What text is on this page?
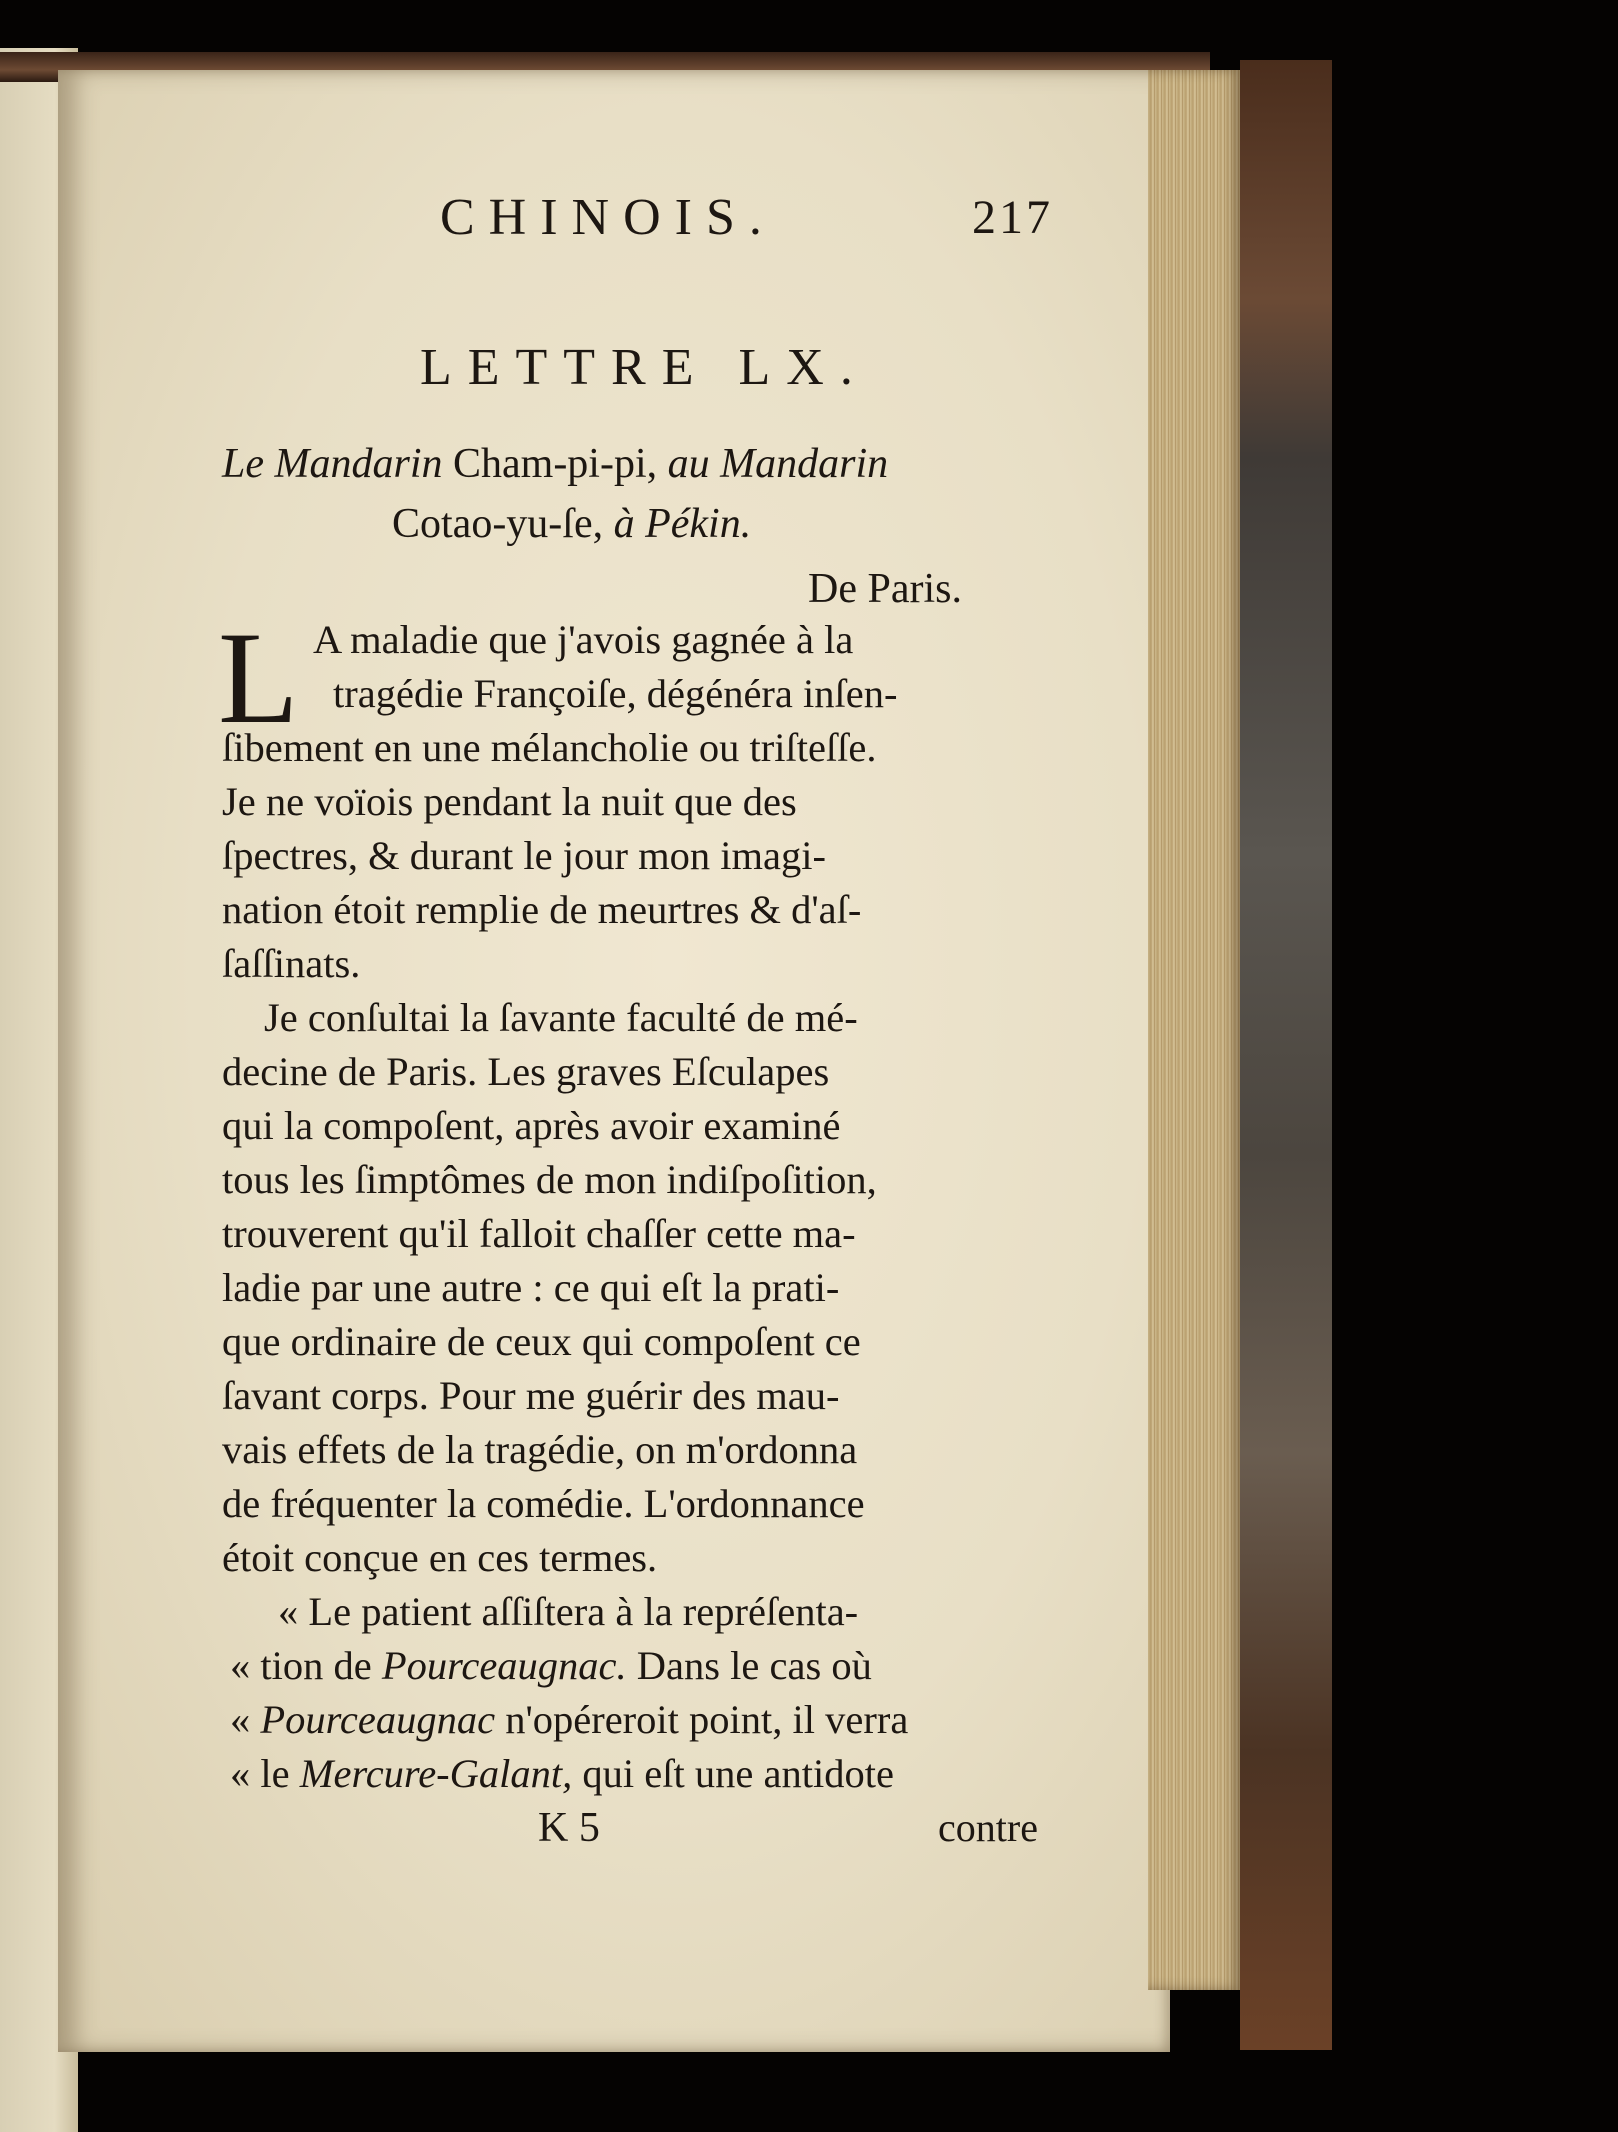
CHINOIS.	217
LETTRE LX.
Le Mandarin Cham-pi-pi, au Mandarin
Cotao-yu-ſe, à Pékin.
De Paris.
L A maladie que j'avois gagnée à la
tragédie Françoiſe, dégénéra inſen-
ſibement en une mélancholie ou triſteſſe.
Je ne voïois pendant la nuit que des
ſpectres, & durant le jour mon imagi-
nation étoit remplie de meurtres & d'aſ-
ſaſſinats.
Je conſultai la ſavante faculté de mé-
decine de Paris. Les graves Eſculapes
qui la compoſent, après avoir examiné
tous les ſimptômes de mon indiſpoſition,
trouverent qu'il falloit chaſſer cette ma-
ladie par une autre : ce qui eſt la prati-
que ordinaire de ceux qui compoſent ce
ſavant corps. Pour me guérir des mau-
vais effets de la tragédie, on m'ordonna
de fréquenter la comédie. L'ordonnance
étoit conçue en ces termes.
« Le patient aſſiſtera à la repréſenta-
« tion de Pourceaugnac. Dans le cas où
« Pourceaugnac n'opéreroit point, il verra
« le Mercure-Galant, qui eſt une antidote
K 5	contre
